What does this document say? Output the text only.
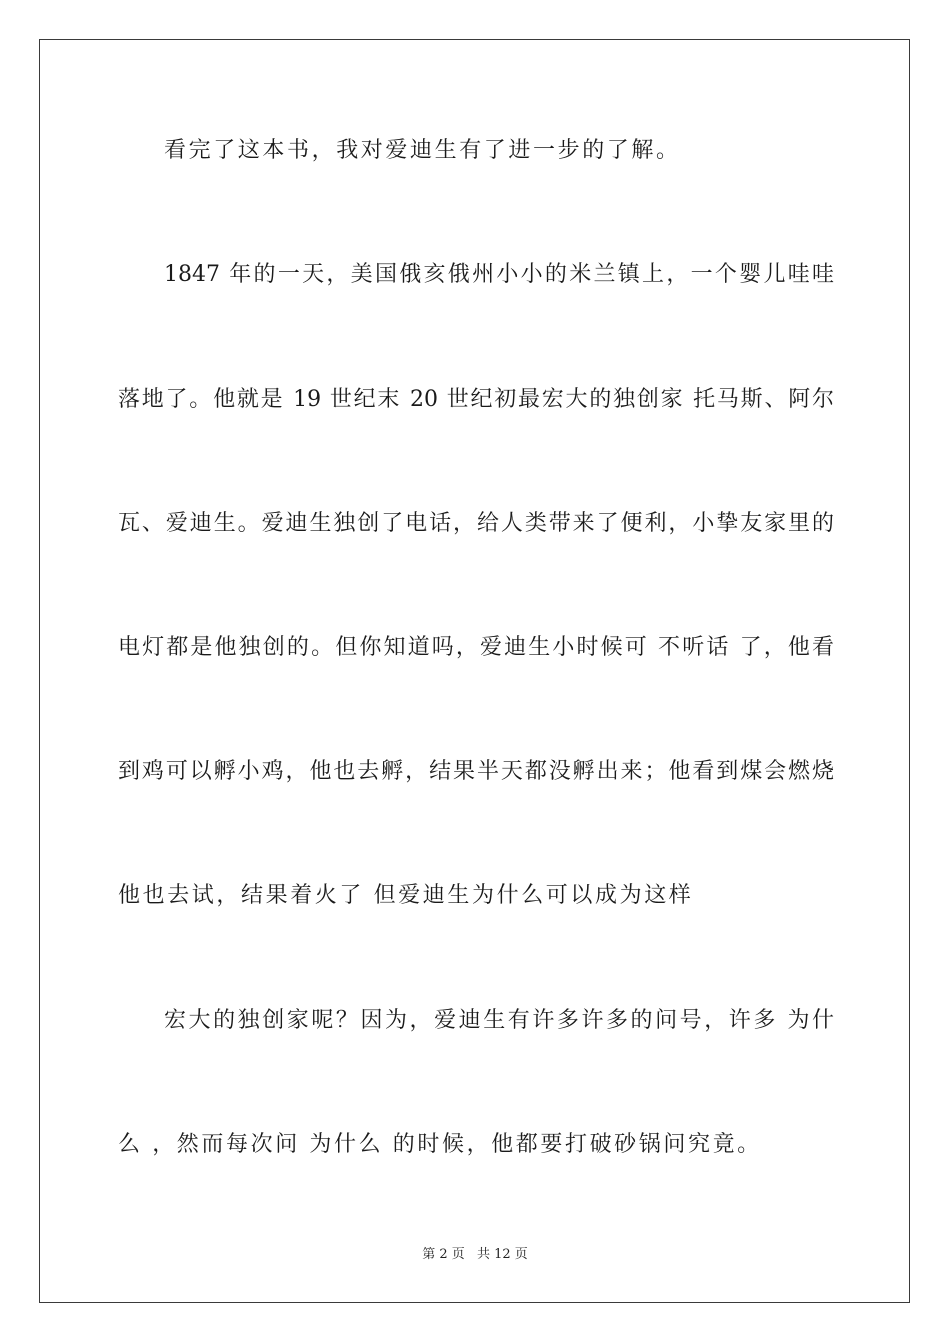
看完了这本书，我对爱迪生有了进一步的了解。
1847 年的一天，美国俄亥俄州小小的米兰镇上，一个婴儿哇哇
落地了。他就是 19 世纪末 20 世纪初最宏大的独创家 托马斯、阿尔
瓦、爱迪生。爱迪生独创了电话，给人类带来了便利，小挚友家里的
电灯都是他独创的。但你知道吗，爱迪生小时候可 不听话 了，他看
到鸡可以孵小鸡，他也去孵，结果半天都没孵出来；他看到煤会燃烧
他也去试，结果着火了 但爱迪生为什么可以成为这样
宏大的独创家呢？因为，爱迪生有许多许多的问号，许多 为什
么 ，然而每次问 为什么 的时候，他都要打破砂锅问究竟。
第 2 页 共 12 页
